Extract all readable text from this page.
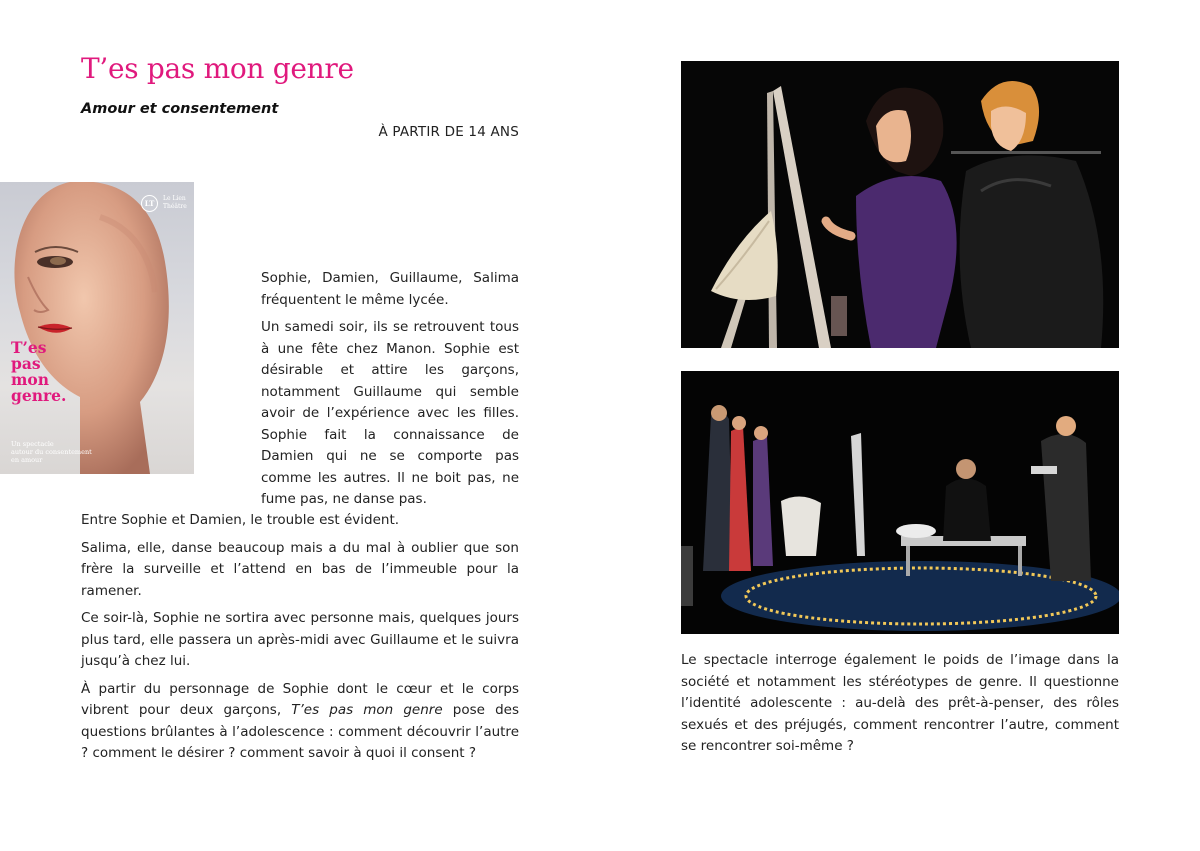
T’es pas mon genre
Amour et consentement
À PARTIR DE 14 ANS
LT
Le Lien
Théâtre
T’es
pas
mon
genre.
Un spectacle
autour du consentement
en amour

Sophie, Damien, Guillaume, Salima fréquentent le même lycée.

Un samedi soir, ils se retrouvent tous à une fête chez Manon. Sophie est désirable et attire les garçons, notamment Guillaume qui semble avoir de l’expérience avec les filles. Sophie fait la connaissance de Damien qui ne se comporte pas comme les autres. Il ne boit pas, ne fume pas, ne danse pas.

Entre Sophie et Damien, le trouble est évident.

Salima, elle, danse beaucoup mais a du mal à oublier que son frère la surveille et l’attend en bas de l’immeuble pour la ramener.

Ce soir-là, Sophie ne sortira avec personne mais, quelques jours plus tard, elle passera un après-midi avec Guillaume et le suivra jusqu’à chez lui.

À partir du personnage de Sophie dont le cœur et le corps vibrent pour deux garçons, T’es pas mon genre pose des questions brûlantes à l’adolescence : comment découvrir l’autre ? comment le désirer ? comment savoir à quoi il consent ?

Le spectacle interroge également le poids de l’image dans la société et notamment les stéréotypes de genre. Il questionne l’identité adolescente : au-delà des prêt-à-penser, des rôles sexués et des préjugés, comment rencontrer l’autre, comment se rencontrer soi-même ?
